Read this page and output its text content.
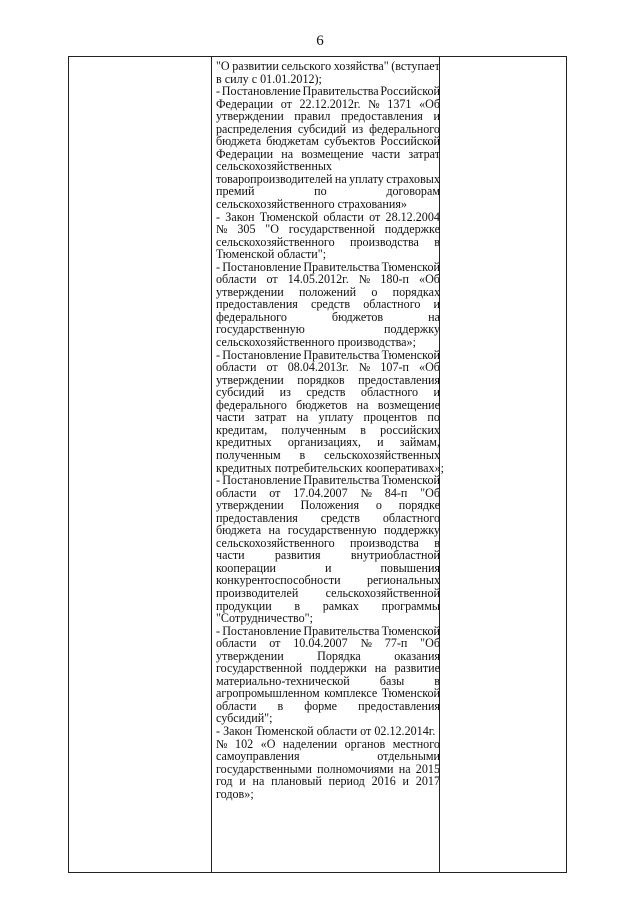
6
"О развитии сельского хозяйства" (вступает
в силу с 01.01.2012);
- Постановление Правительства Российской
Федерации от 22.12.2012г. № 1371 «Об
утверждении правил предоставления и
распределения субсидий из федерального
бюджета бюджетам субъектов Российской
Федерации на возмещение части затрат
сельскохозяйственных
товаропроизводителей на уплату страховых
премий	по	договорам
сельскохозяйственного страхования»
- Закон Тюменской области от 28.12.2004
№ 305 "О государственной поддержке
сельскохозяйственного производства в
Тюменской области";
- Постановление Правительства Тюменской
области от 14.05.2012г. № 180-п «Об
утверждении положений о порядках
предоставления средств областного и
федерального	бюджетов	на
государственную	поддержку
сельскохозяйственного производства»;
- Постановление Правительства Тюменской
области от 08.04.2013г. № 107-п «Об
утверждении порядков предоставления
субсидий из средств областного и
федерального бюджетов на возмещение
части затрат на уплату процентов по
кредитам, полученным в российских
кредитных организациях, и займам,
полученным в сельскохозяйственных
кредитных потребительских кооперативах»;
- Постановление Правительства Тюменской
области от 17.04.2007 № 84-п "Об
утверждении Положения о порядке
предоставления средств областного
бюджета на государственную поддержку
сельскохозяйственного производства в
части	развития	внутриобластной
кооперации	и	повышения
конкурентоспособности региональных
производителей сельскохозяйственной
продукции в рамках программы
"Сотрудничество";
- Постановление Правительства Тюменской
области от 10.04.2007 № 77-п "Об
утверждении	Порядка	оказания
государственной поддержки на развитие
материально-технической базы в
агропромышленном комплексе Тюменской
области в форме предоставления
субсидий";
- Закон Тюменской области от 02.12.2014г.
№ 102 «О наделении органов местного
самоуправления	отдельными
государственными полномочиями на 2015
год и на плановый период 2016 и 2017
годов»;
